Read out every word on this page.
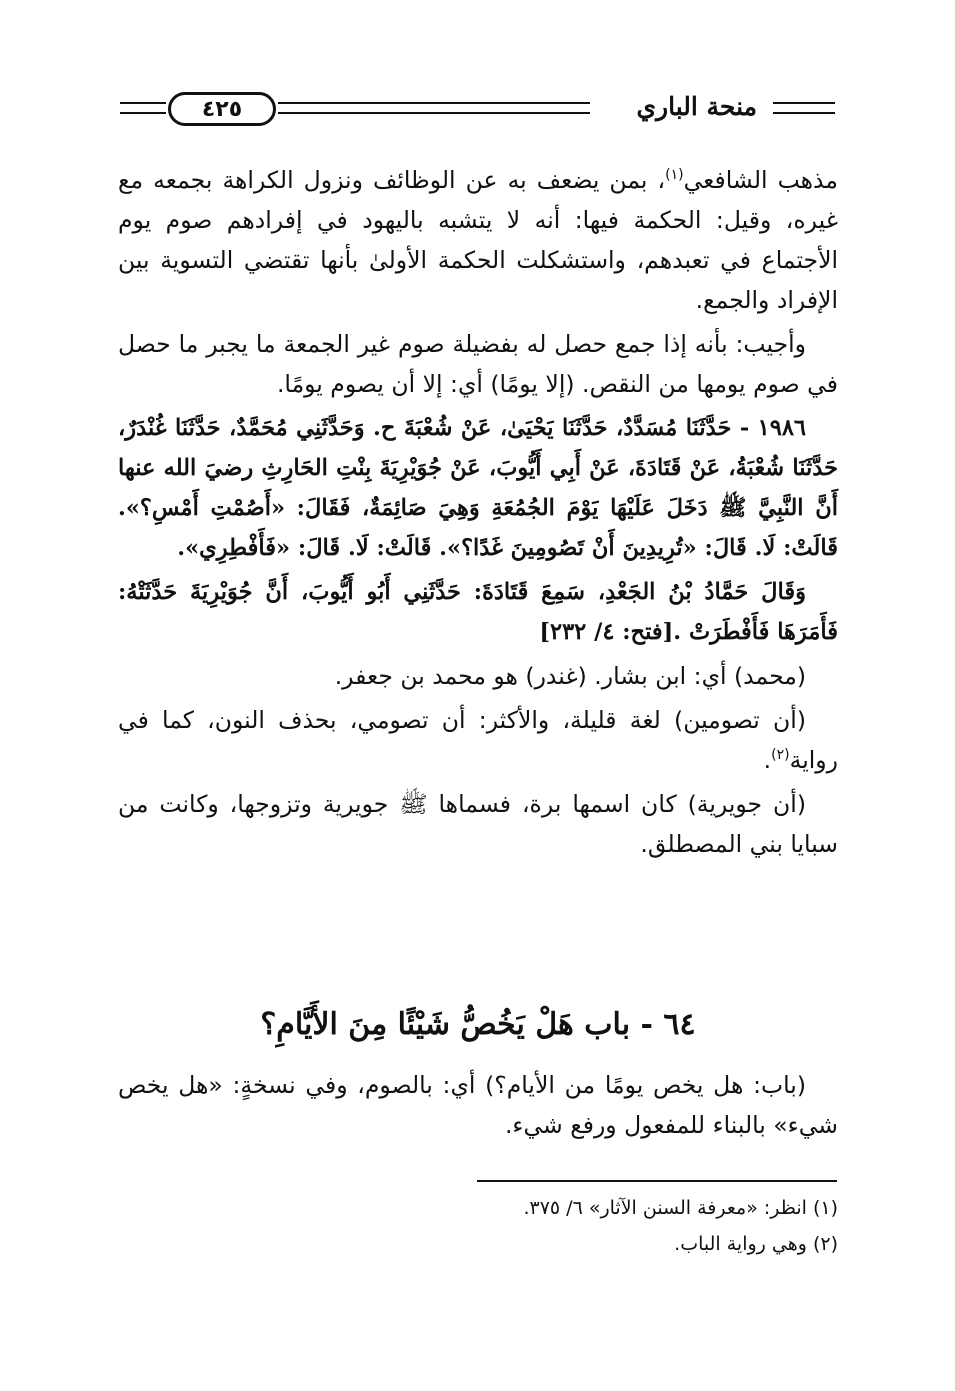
٤٢٥	منحة الباري

مذهب الشافعي$^{(١)}$، بمن يضعف به عن الوظائف ونزول الكراهة بجمعه مع غيره، وقيل: الحكمة فيها: أنه لا يتشبه باليهود في إفرادهم صوم يوم الأجتماع في تعبدهم، واستشكلت الحكمة الأولىٰ بأنها تقتضي التسوية بين الإفراد والجمع.

وأجيب: بأنه إذا جمع حصل له بفضيلة صوم غير الجمعة ما يجبر ما حصل في صوم يومها من النقص. (إلا يومًا) أي: إلا أن يصوم يومًا.

١٩٨٦ - حَدَّثَنَا مُسَدَّدٌ، حَدَّثَنَا يَحْيَىٰ، عَنْ شُعْبَةَ ح. وَحَدَّثَنِي مُحَمَّدٌ، حَدَّثَنَا غُنْدَرٌ، حَدَّثَنَا شُعْبَةُ، عَنْ قَتَادَةَ، عَنْ أَبِي أَيُّوبَ، عَنْ جُوَيْرِيَةَ بِنْتِ الحَارِثِ رضيَ الله عنها أَنَّ النَّبِيَّ ﷺ دَخَلَ عَلَيْهَا يَوْمَ الجُمُعَةِ وَهِيَ صَائِمَةٌ، فَقَالَ: «أَصُمْتِ أَمْسِ؟». قَالَتْ: لَا. قَالَ: «تُرِيدِينَ أَنْ تَصُومِينَ غَدًا؟». قَالَتْ: لَا. قَالَ: «فَأَفْطِرِي».

وَقَالَ حَمَّادُ بْنُ الجَعْدِ، سَمِعَ قَتَادَةَ: حَدَّثَنِي أَبُو أَيُّوبَ، أَنَّ جُوَيْرِيَةَ حَدَّثَتْهُ: فَأَمَرَهَا فَأَفْطَرَتْ .[فتح: ٤/ ٢٣٢]

(محمد) أي: ابن بشار. (غندر) هو محمد بن جعفر.

(أن تصومين) لغة قليلة، والأكثر: أن تصومي، بحذف النون، كما في رواية$^{(٢)}$.

(أن جويرية) كان اسمها برة، فسماها ﷺ جويرية وتزوجها، وكانت من سبايا بني المصطلق.

٦٤ - باب هَلْ يَخُصُّ شَيْئًا مِنَ الأَيَّامِ؟

(باب: هل يخص يومًا من الأيام؟) أي: بالصوم، وفي نسخةٍ: «هل يخص شيء» بالبناء للمفعول ورفع شيء.

(١) انظر: «معرفة السنن الآثار» ٦/ ٣٧٥.
(٢) وهي رواية الباب.
